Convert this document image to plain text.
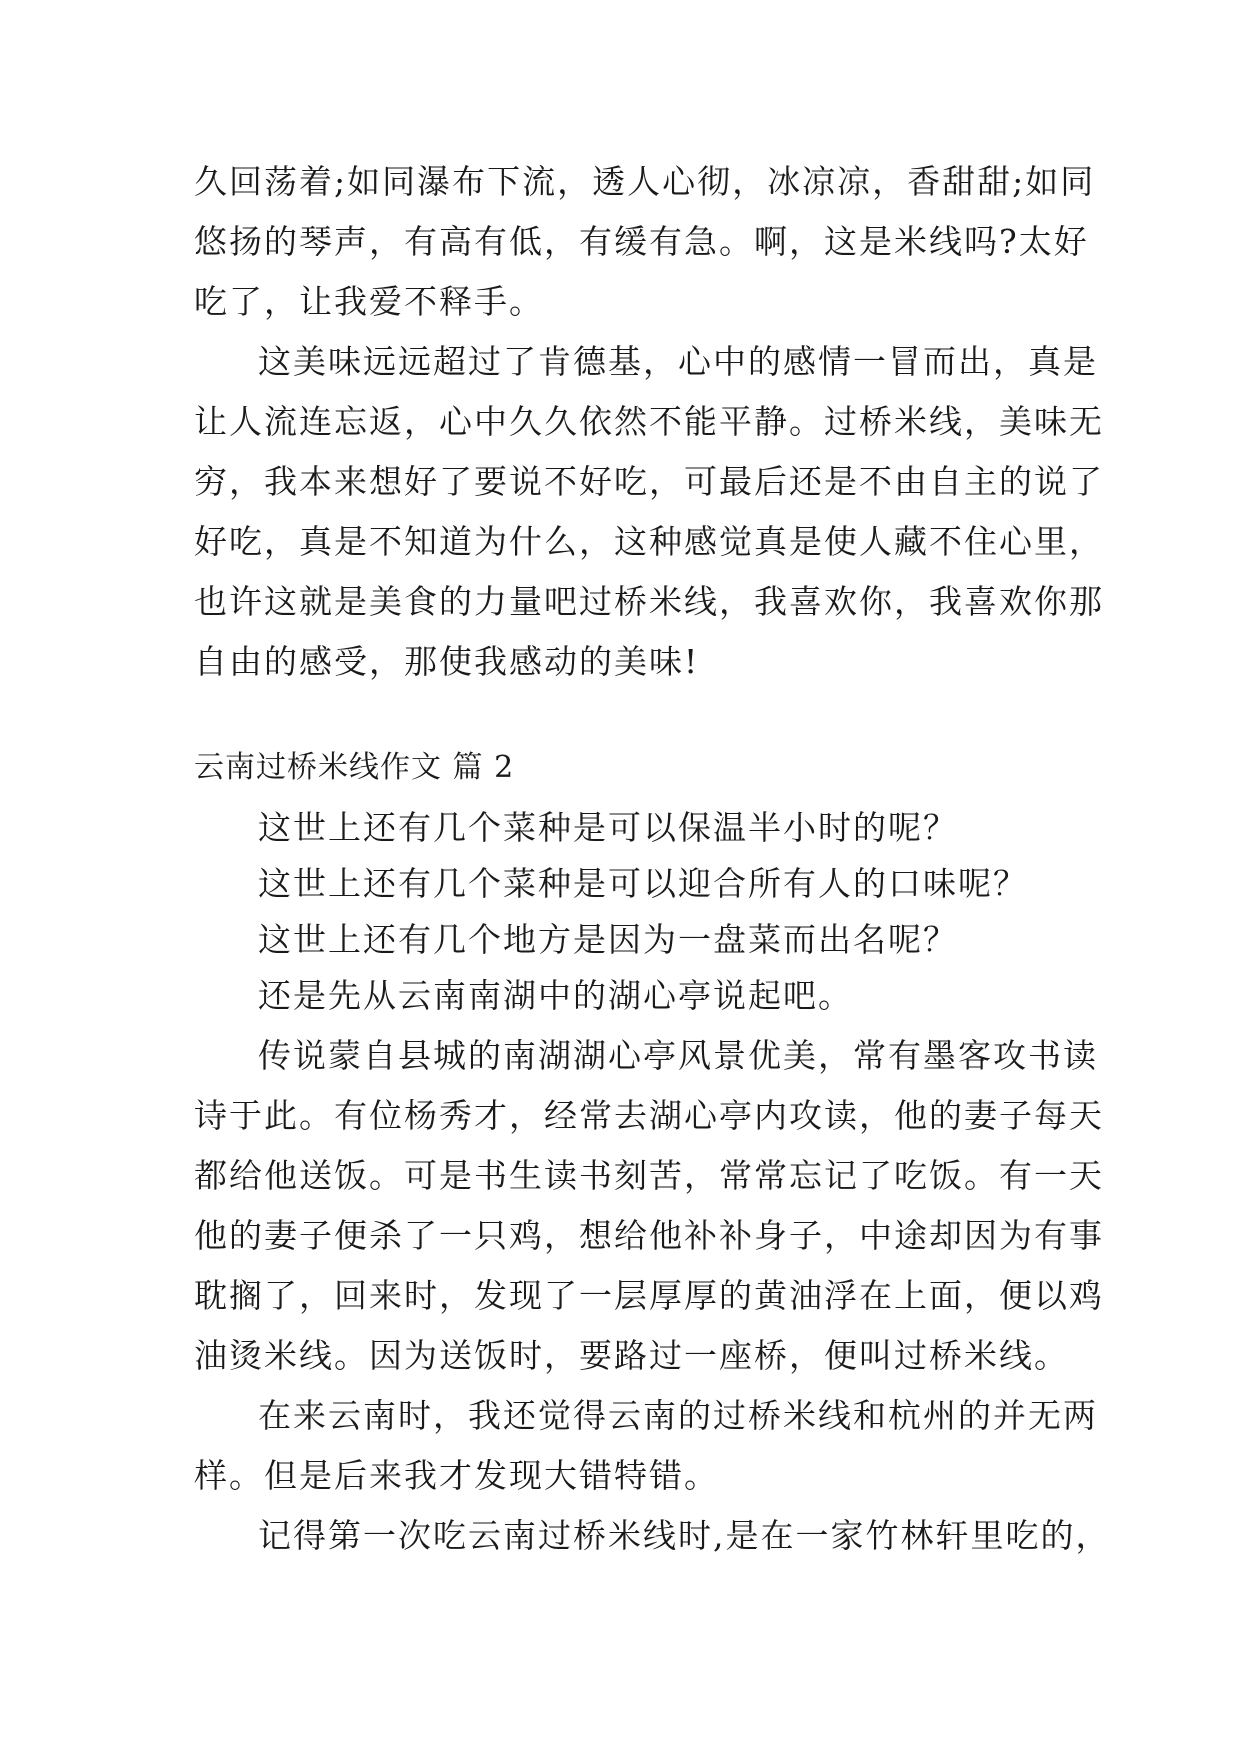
久回荡着;如同瀑布下流，透人心彻，冰凉凉，香甜甜;如同
悠扬的琴声，有高有低，有缓有急。啊，这是米线吗?太好
吃了，让我爱不释手。
这美味远远超过了肯德基，心中的感情一冒而出，真是
让人流连忘返，心中久久依然不能平静。过桥米线，美味无
穷，我本来想好了要说不好吃，可最后还是不由自主的说了
好吃，真是不知道为什么，这种感觉真是使人藏不住心里，
也许这就是美食的力量吧过桥米线，我喜欢你，我喜欢你那
自由的感受，那使我感动的美味!
云南过桥米线作文 篇 2
这世上还有几个菜种是可以保温半小时的呢？
这世上还有几个菜种是可以迎合所有人的口味呢？
这世上还有几个地方是因为一盘菜而出名呢？
还是先从云南南湖中的湖心亭说起吧。
传说蒙自县城的南湖湖心亭风景优美，常有墨客攻书读
诗于此。有位杨秀才，经常去湖心亭内攻读，他的妻子每天
都给他送饭。可是书生读书刻苦，常常忘记了吃饭。有一天
他的妻子便杀了一只鸡，想给他补补身子，中途却因为有事
耽搁了，回来时，发现了一层厚厚的黄油浮在上面，便以鸡
油烫米线。因为送饭时，要路过一座桥，便叫过桥米线。
在来云南时，我还觉得云南的过桥米线和杭州的并无两
样。但是后来我才发现大错特错。
记得第一次吃云南过桥米线时,是在一家竹林轩里吃的，
